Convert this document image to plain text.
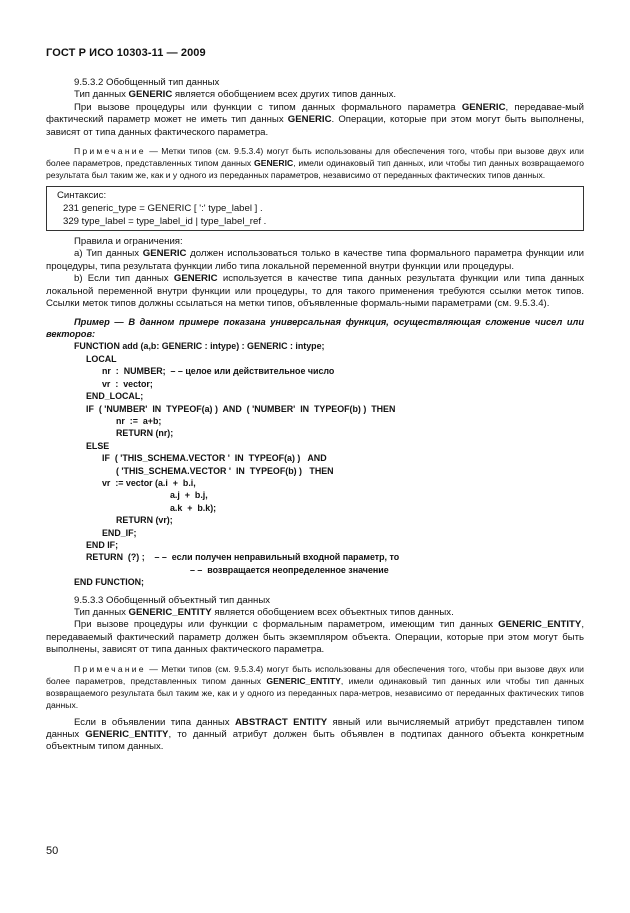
ГОСТ Р ИСО 10303-11 — 2009

9.5.3.2 Обобщенный тип данных

Тип данных GENERIC является обобщением всех других типов данных.

При вызове процедуры или функции с типом данных формального параметра GENERIC, передавае-мый фактический параметр может не иметь тип данных GENERIC. Операции, которые при этом могут быть выполнены, зависят от типа данных фактического параметра.

Примечание — Метки типов (см. 9.5.3.4) могут быть использованы для обеспечения того, чтобы при вызове двух или более параметров, представленных типом данных GENERIC, имели одинаковый тип данных, или чтобы тип данных возвращаемого результата был таким же, как и у одного из переданных параметров, независимо от переданных фактических типов данных.

Синтаксис:
231 generic_type = GENERIC [ ':' type_label ] .
329 type_label = type_label_id | type_label_ref .

Правила и ограничения:

a) Тип данных GENERIC должен использоваться только в качестве типа формального параметра функции или процедуры, типа результата функции либо типа локальной переменной внутри функции или процедуры.

b) Если тип данных GENERIC используется в качестве типа данных результата функции или типа данных локальной переменной внутри функции или процедуры, то для такого применения требуются ссылки меток типов. Ссылки меток типов должны ссылаться на метки типов, объявленные формаль-ными параметрами (см. 9.5.3.4).

Пример — В данном примере показана универсальная функция, осуществляющая сложение чисел или векторов:

FUNCTION add (a,b: GENERIC : intype) : GENERIC : intype;

LOCAL

nr  :  NUMBER;  – – целое или действительное число

vr  :  vector;

END_LOCAL;

IF  ( 'NUMBER'  IN  TYPEOF(a) )  AND  ( 'NUMBER'  IN  TYPEOF(b) )  THEN

nr  :=  a+b;

RETURN (nr);

ELSE

IF  ( 'THIS_SCHEMA.VECTOR '  IN  TYPEOF(a) )   AND

( 'THIS_SCHEMA.VECTOR '  IN  TYPEOF(b) )   THEN

vr  := vector (a.i  +  b.i,

a.j  +  b.j,

a.k  +  b.k);

RETURN (vr);

END_IF;

END IF;

RETURN  (?) ;    – –  если получен неправильный входной параметр, то

– –  возвращается неопределенное значение

END FUNCTION;

9.5.3.3 Обобщенный объектный тип данных

Тип данных GENERIC_ENTITY является обобщением всех объектных типов данных.

При вызове процедуры или функции с формальным параметром, имеющим тип данных GENERIC_ENTITY, передаваемый фактический параметр должен быть экземпляром объекта. Операции, которые при этом могут быть выполнены, зависят от типа данных фактического параметра.

Примечание — Метки типов (см. 9.5.3.4) могут быть использованы для обеспечения того, чтобы при вызове двух или более параметров, представленных типом данных GENERIC_ENTITY, имели одинаковый тип данных или чтобы тип данных возвращаемого результата был таким же, как и у одного из переданных пара-метров, независимо от переданных фактических типов данных.

Если в объявлении типа данных ABSTRACT ENTITY явный или вычисляемый атрибут представлен типом данных GENERIC_ENTITY, то данный атрибут должен быть объявлен в подтипах данного объекта конкретным объектным типом данных.

50
